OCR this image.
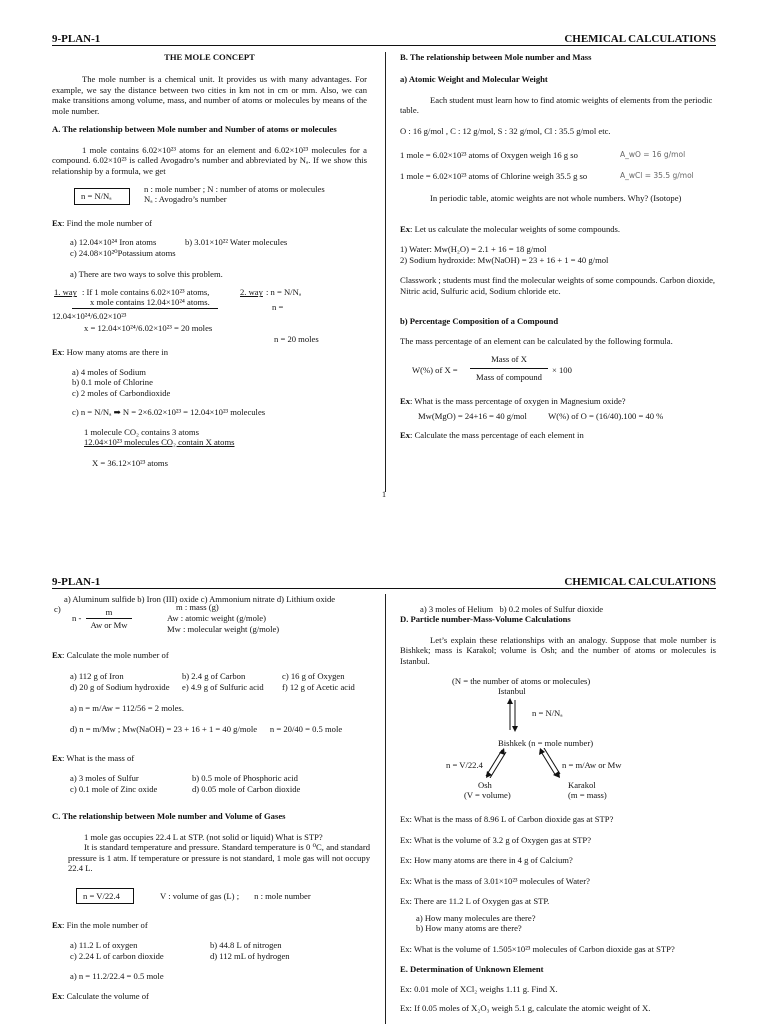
9-PLAN-1	CHEMICAL CALCULATIONS

THE MOLE CONCEPT

The mole number is a chemical unit. It provides us with many advantages. For example, we say the distance between two cities in km not in cm or mm. Also, we can make transitions among volume, mass, and number of atoms or molecules by means of the mole number.

A. The relationship between Mole number and Number of atoms or molecules

1 mole contains 6.02×10²³ atoms for an element and 6.02×10²³ molecules for a compound. 6.02×10²³ is called Avogadro’s number and abbreviated by Nₐ. If we show this relationship by a formula, we get

n = N/Nₐ
n : mole number ; N : number of atoms or molecules
Nₐ : Avogadro’s number

Ex: Find the mole number of

a) 12.04×10²⁴ Iron atoms	b) 3.01×10²² Water molecules
c) 24.08×10²⁰Potassium atoms

a) There are two ways to solve this problem.

1. way : If 1 mole contains 6.02×10²³ atoms,
x mole contains 12.04×10²⁴ atoms.
2. way : n = N/Nₐ
n =
12.04×10²⁴/6.02×10²³
x = 12.04×10²⁴/6.02×10²³ = 20 moles
n = 20 moles

Ex: How many atoms are there in

a) 4 moles of Sodium

b) 0.1 mole of Chlorine

c) 2 moles of Carbondioxide

c) n = N/Nₐ ➡ N = 2×6.02×10²³ = 12.04×10²³ molecules

1 molecule CO₂ contains 3 atoms

12.04×10²³ molecules CO₂ contain X atoms

X = 36.12×10²³ atoms

B. The relationship between Mole number and Mass

a) Atomic Weight and Molecular Weight

Each student must learn how to find atomic weights of elements from the periodic table.

O : 16 g/mol , C : 12 g/mol, S : 32 g/mol, Cl : 35.5 g/mol etc.

1 mole = 6.02×10²³ atoms of Oxygen weigh 16 g so	A_wO = 16 g/mol
1 mole = 6.02×10²³ atoms of Chlorine weigh 35.5 g so	A_wCl = 35.5 g/mol

In periodic table, atomic weights are not whole numbers. Why? (Isotope)

Ex: Let us calculate the molecular weights of some compounds.

1) Water: Mw(H₂O) = 2.1 + 16 = 18 g/mol

2) Sodium hydroxide: Mw(NaOH) = 23 + 16 + 1 = 40 g/mol

Classwork ; students must find the molecular weights of some compounds. Carbon dioxide, Nitric acid, Sulfuric acid, Sodium chloride etc.

b) Percentage Composition of a Compound

The mass percentage of an element can be calculated by the following formula.

W(%) of X =
Mass of X
Mass of compound
× 100

Ex: What is the mass percentage of oxygen in Magnesium oxide?

Mw(MgO) = 24+16 = 40 g/mol          W(%) of O = (16/40).100 = 40 %

Ex: Calculate the mass percentage of each element in

1
9-PLAN-1	CHEMICAL CALCULATIONS

a) Aluminum sulfide b) Iron (III) oxide c) Ammonium nitrate d) Lithium oxide

c)
n -
m
Aw or Mw
m : mass (g)
Aw : atomic weight (g/mole)
Mw : molecular weight (g/mole)

Ex: Calculate the mole number of

a) 112 g of Iron	b) 2.4 g of Carbon	c) 16 g of Oxygen
d) 20 g of Sodium hydroxide e) 4.9 g of Sulfuric acid f) 12 g of Acetic acid

a) n = m/Aw = 112/56 = 2 moles.

d) n = m/Mw ; Mw(NaOH) = 23 + 16 + 1 = 40 g/mole      n = 20/40 = 0.5 mole

Ex: What is the mass of

a) 3 moles of Sulfur	b) 0.5 mole of Phosphoric acid
c) 0.1 mole of Zinc oxide	d) 0.05 mole of Carbon dioxide

C. The relationship between Mole number and Volume of Gases

1 mole gas occupies 22.4 L at STP. (not solid or liquid) What is STP?

It is standard temperature and pressure. Standard temperature is 0 ⁰C, and standard pressure is 1 atm. If temperature or pressure is not standard, 1 mole gas will not occupy 22.4 L.

n = V/22.4	V : volume of gas (L) ;       n : mole number

Ex: Fin the mole number of

a) 11.2 L of oxygen	b) 44.8 L of nitrogen
c) 2.24 L of carbon dioxide	d) 112 mL of hydrogen

a) n = 11.2/22.4 = 0.5 mole

Ex: Calculate the volume of

a) 3 moles of Helium   b) 0.2 moles of Sulfur dioxide

D. Particle number-Mass-Volume Calculations

Let’s explain these relationships with an analogy. Suppose that mole number is Bishkek; mass is Karakol; volume is Osh; and the number of atoms or molecules is Istanbul.

(N = the number of atoms or molecules)
Istanbul
n = N/Nₐ
Bishkek (n = mole number)
n = V/22.4	n = m/Aw or Mw
Osh
(V = volume)
Karakol
(m = mass)

Ex: What is the mass of 8.96 L of Carbon dioxide gas at STP?

Ex: What is the volume of 3.2 g of Oxygen gas at STP?

Ex: How many atoms are there in 4 g of Calcium?

Ex: What is the mass of 3.01×10²³ molecules of Water?

Ex: There are 11.2 L of Oxygen gas at STP.

a) How many molecules are there?

b) How many atoms are there?

Ex: What is the volume of 1.505×10²³ molecules of Carbon dioxide gas at STP?

E. Determination of Unknown Element

Ex: 0.01 mole of XCl₂ weighs 1.11 g. Find X.

Ex: If 0.05 moles of X₂O₃ weigh 5.1 g, calculate the atomic weight of X.
